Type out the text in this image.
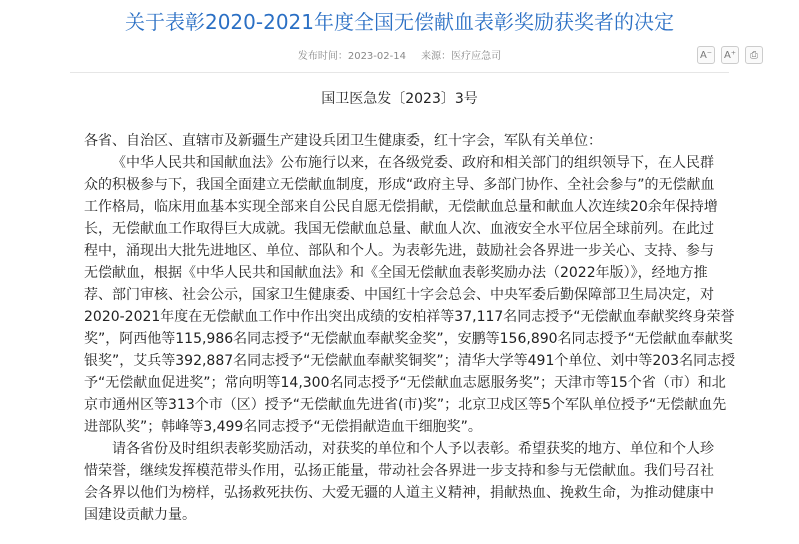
关于表彰2020-2021年度全国无偿献血表彰奖励获奖者的决定
发布时间：2023-02-14 来源：医疗应急司	A⁻ A⁺ ⎙
国卫医急发〔2023〕3号
各省、自治区、直辖市及新疆生产建设兵团卫生健康委，红十字会，军队有关单位：
《中华人民共和国献血法》公布施行以来，在各级党委、政府和相关部门的组织领导下，在人民群
众的积极参与下，我国全面建立无偿献血制度，形成“政府主导、多部门协作、全社会参与”的无偿献血
工作格局，临床用血基本实现全部来自公民自愿无偿捐献，无偿献血总量和献血人次连续20余年保持增
长，无偿献血工作取得巨大成就。我国无偿献血总量、献血人次、血液安全水平位居全球前列。在此过
程中，涌现出大批先进地区、单位、部队和个人。为表彰先进，鼓励社会各界进一步关心、支持、参与
无偿献血，根据《中华人民共和国献血法》和《全国无偿献血表彰奖励办法（2022年版）》，经地方推
荐、部门审核、社会公示，国家卫生健康委、中国红十字会总会、中央军委后勤保障部卫生局决定，对
2020-2021年度在无偿献血工作中作出突出成绩的安柏祥等37,117名同志授予“无偿献血奉献奖终身荣誉
奖”，阿西他等115,986名同志授予“无偿献血奉献奖金奖”，安鹏等156,890名同志授予“无偿献血奉献奖
银奖”，艾兵等392,887名同志授予“无偿献血奉献奖铜奖”；清华大学等491个单位、刘中等203名同志授
予“无偿献血促进奖”；常向明等14,300名同志授予“无偿献血志愿服务奖”；天津市等15个省（市）和北
京市通州区等313个市（区）授予“无偿献血先进省(市)奖”；北京卫戍区等5个军队单位授予“无偿献血先
进部队奖”；韩峰等3,499名同志授予“无偿捐献造血干细胞奖”。
请各省份及时组织表彰奖励活动，对获奖的单位和个人予以表彰。希望获奖的地方、单位和个人珍
惜荣誉，继续发挥模范带头作用，弘扬正能量，带动社会各界进一步支持和参与无偿献血。我们号召社
会各界以他们为榜样，弘扬救死扶伤、大爱无疆的人道主义精神，捐献热血、挽救生命，为推动健康中
国建设贡献力量。
